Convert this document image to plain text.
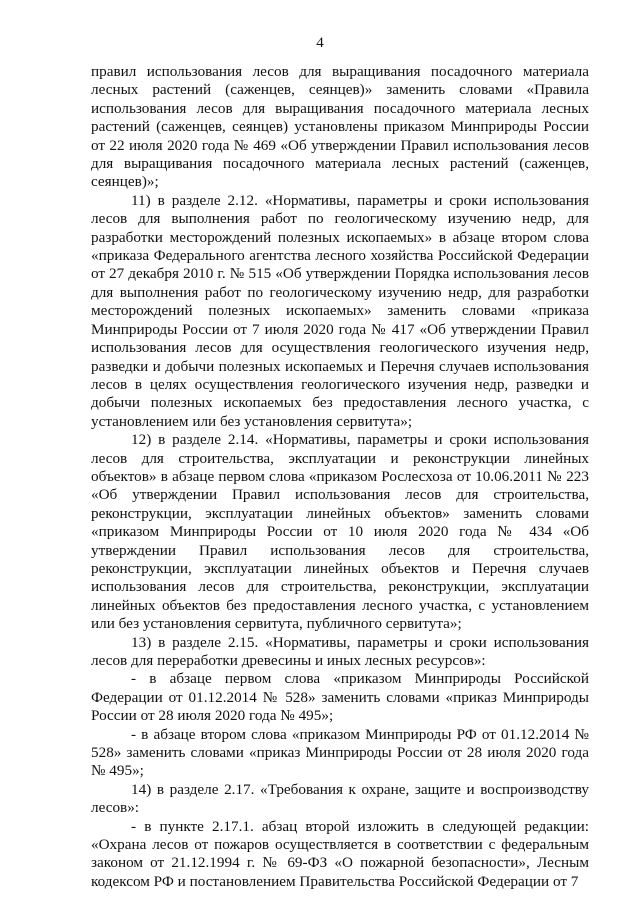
4

правил использования лесов для выращивания посадочного материала лесных растений (саженцев, сеянцев)» заменить словами «Правила использования лесов для выращивания посадочного материала лесных растений (саженцев, сеянцев) установлены приказом Минприроды России от 22 июля 2020 года № 469 «Об утверждении Правил использования лесов для выращивания посадочного материала лесных растений (саженцев, сеянцев)»;

11) в разделе 2.12. «Нормативы, параметры и сроки использования лесов для выполнения работ по геологическому изучению недр, для разработки месторождений полезных ископаемых» в абзаце втором слова «приказа Федерального агентства лесного хозяйства Российской Федерации от 27 декабря 2010 г. № 515 «Об утверждении Порядка использования лесов для выполнения работ по геологическому изучению недр, для разработки месторождений полезных ископаемых» заменить словами «приказа Минприроды России от 7 июля 2020 года № 417 «Об утверждении Правил использования лесов для осуществления геологического изучения недр, разведки и добычи полезных ископаемых и Перечня случаев использования лесов в целях осуществления геологического изучения недр, разведки и добычи полезных ископаемых без предоставления лесного участка, с установлением или без установления сервитута»;

12) в разделе 2.14. «Нормативы, параметры и сроки использования лесов для строительства, эксплуатации и реконструкции линейных объектов» в абзаце первом слова «приказом Рослесхоза от 10.06.2011 № 223 «Об утверждении Правил использования лесов для строительства, реконструкции, эксплуатации линейных объектов» заменить словами «приказом Минприроды России от 10 июля 2020 года № 434 «Об утверждении Правил использования лесов для строительства, реконструкции, эксплуатации линейных объектов и Перечня случаев использования лесов для строительства, реконструкции, эксплуатации линейных объектов без предоставления лесного участка, с установлением или без установления сервитута, публичного сервитута»;

13) в разделе 2.15. «Нормативы, параметры и сроки использования лесов для переработки древесины и иных лесных ресурсов»:

- в абзаце первом слова «приказом Минприроды Российской Федерации от 01.12.2014 № 528» заменить словами «приказ Минприроды России от 28 июля 2020 года № 495»;

- в абзаце втором слова «приказом Минприроды РФ от 01.12.2014 № 528» заменить словами «приказ Минприроды России от 28 июля 2020 года № 495»;

14) в разделе 2.17. «Требования к охране, защите и воспроизводству лесов»:

- в пункте 2.17.1. абзац второй изложить в следующей редакции: «Охрана лесов от пожаров осуществляется в соответствии с федеральным законом от 21.12.1994 г. № 69-ФЗ «О пожарной безопасности», Лесным кодексом РФ и постановлением Правительства Российской Федерации от 7
